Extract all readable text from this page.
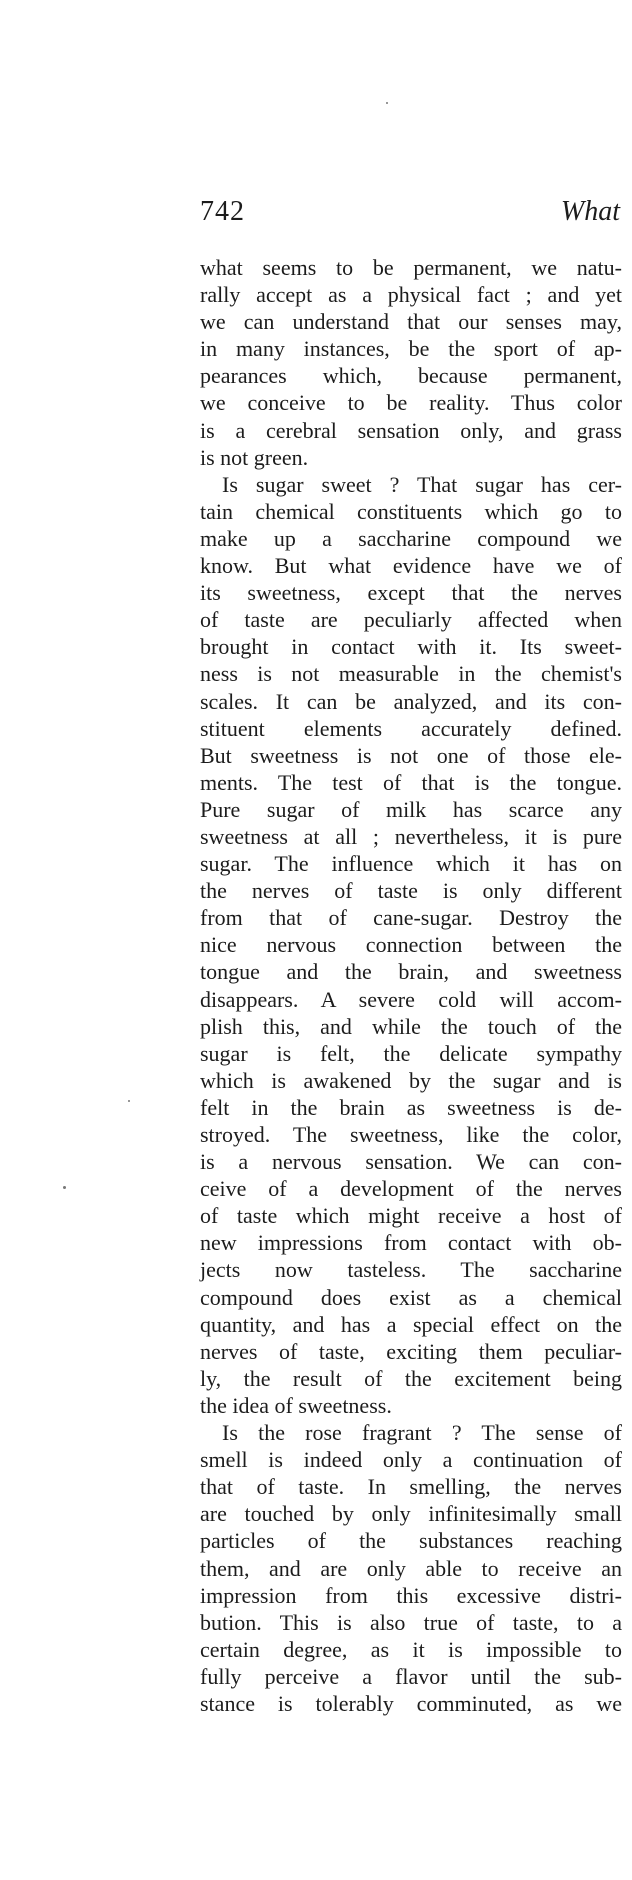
742	What
what seems to be permanent, we natu-
rally accept as a physical fact ; and yet
we can understand that our senses may,
in many instances, be the sport of ap-
pearances which, because permanent,
we conceive to be reality. Thus color
is a cerebral sensation only, and grass
is not green.
Is sugar sweet ? That sugar has cer-
tain chemical constituents which go to
make up a saccharine compound we
know. But what evidence have we of
its sweetness, except that the nerves
of taste are peculiarly affected when
brought in contact with it. Its sweet-
ness is not measurable in the chemist's
scales. It can be analyzed, and its con-
stituent elements accurately defined.
But sweetness is not one of those ele-
ments. The test of that is the tongue.
Pure sugar of milk has scarce any
sweetness at all ; nevertheless, it is pure
sugar. The influence which it has on
the nerves of taste is only different
from that of cane-sugar. Destroy the
nice nervous connection between the
tongue and the brain, and sweetness
disappears. A severe cold will accom-
plish this, and while the touch of the
sugar is felt, the delicate sympathy
which is awakened by the sugar and is
felt in the brain as sweetness is de-
stroyed. The sweetness, like the color,
is a nervous sensation. We can con-
ceive of a development of the nerves
of taste which might receive a host of
new impressions from contact with ob-
jects now tasteless. The saccharine
compound does exist as a chemical
quantity, and has a special effect on the
nerves of taste, exciting them peculiar-
ly, the result of the excitement being
the idea of sweetness.
Is the rose fragrant ? The sense of
smell is indeed only a continuation of
that of taste. In smelling, the nerves
are touched by only infinitesimally small
particles of the substances reaching
them, and are only able to receive an
impression from this excessive distri-
bution. This is also true of taste, to a
certain degree, as it is impossible to
fully perceive a flavor until the sub-
stance is tolerably comminuted, as we
